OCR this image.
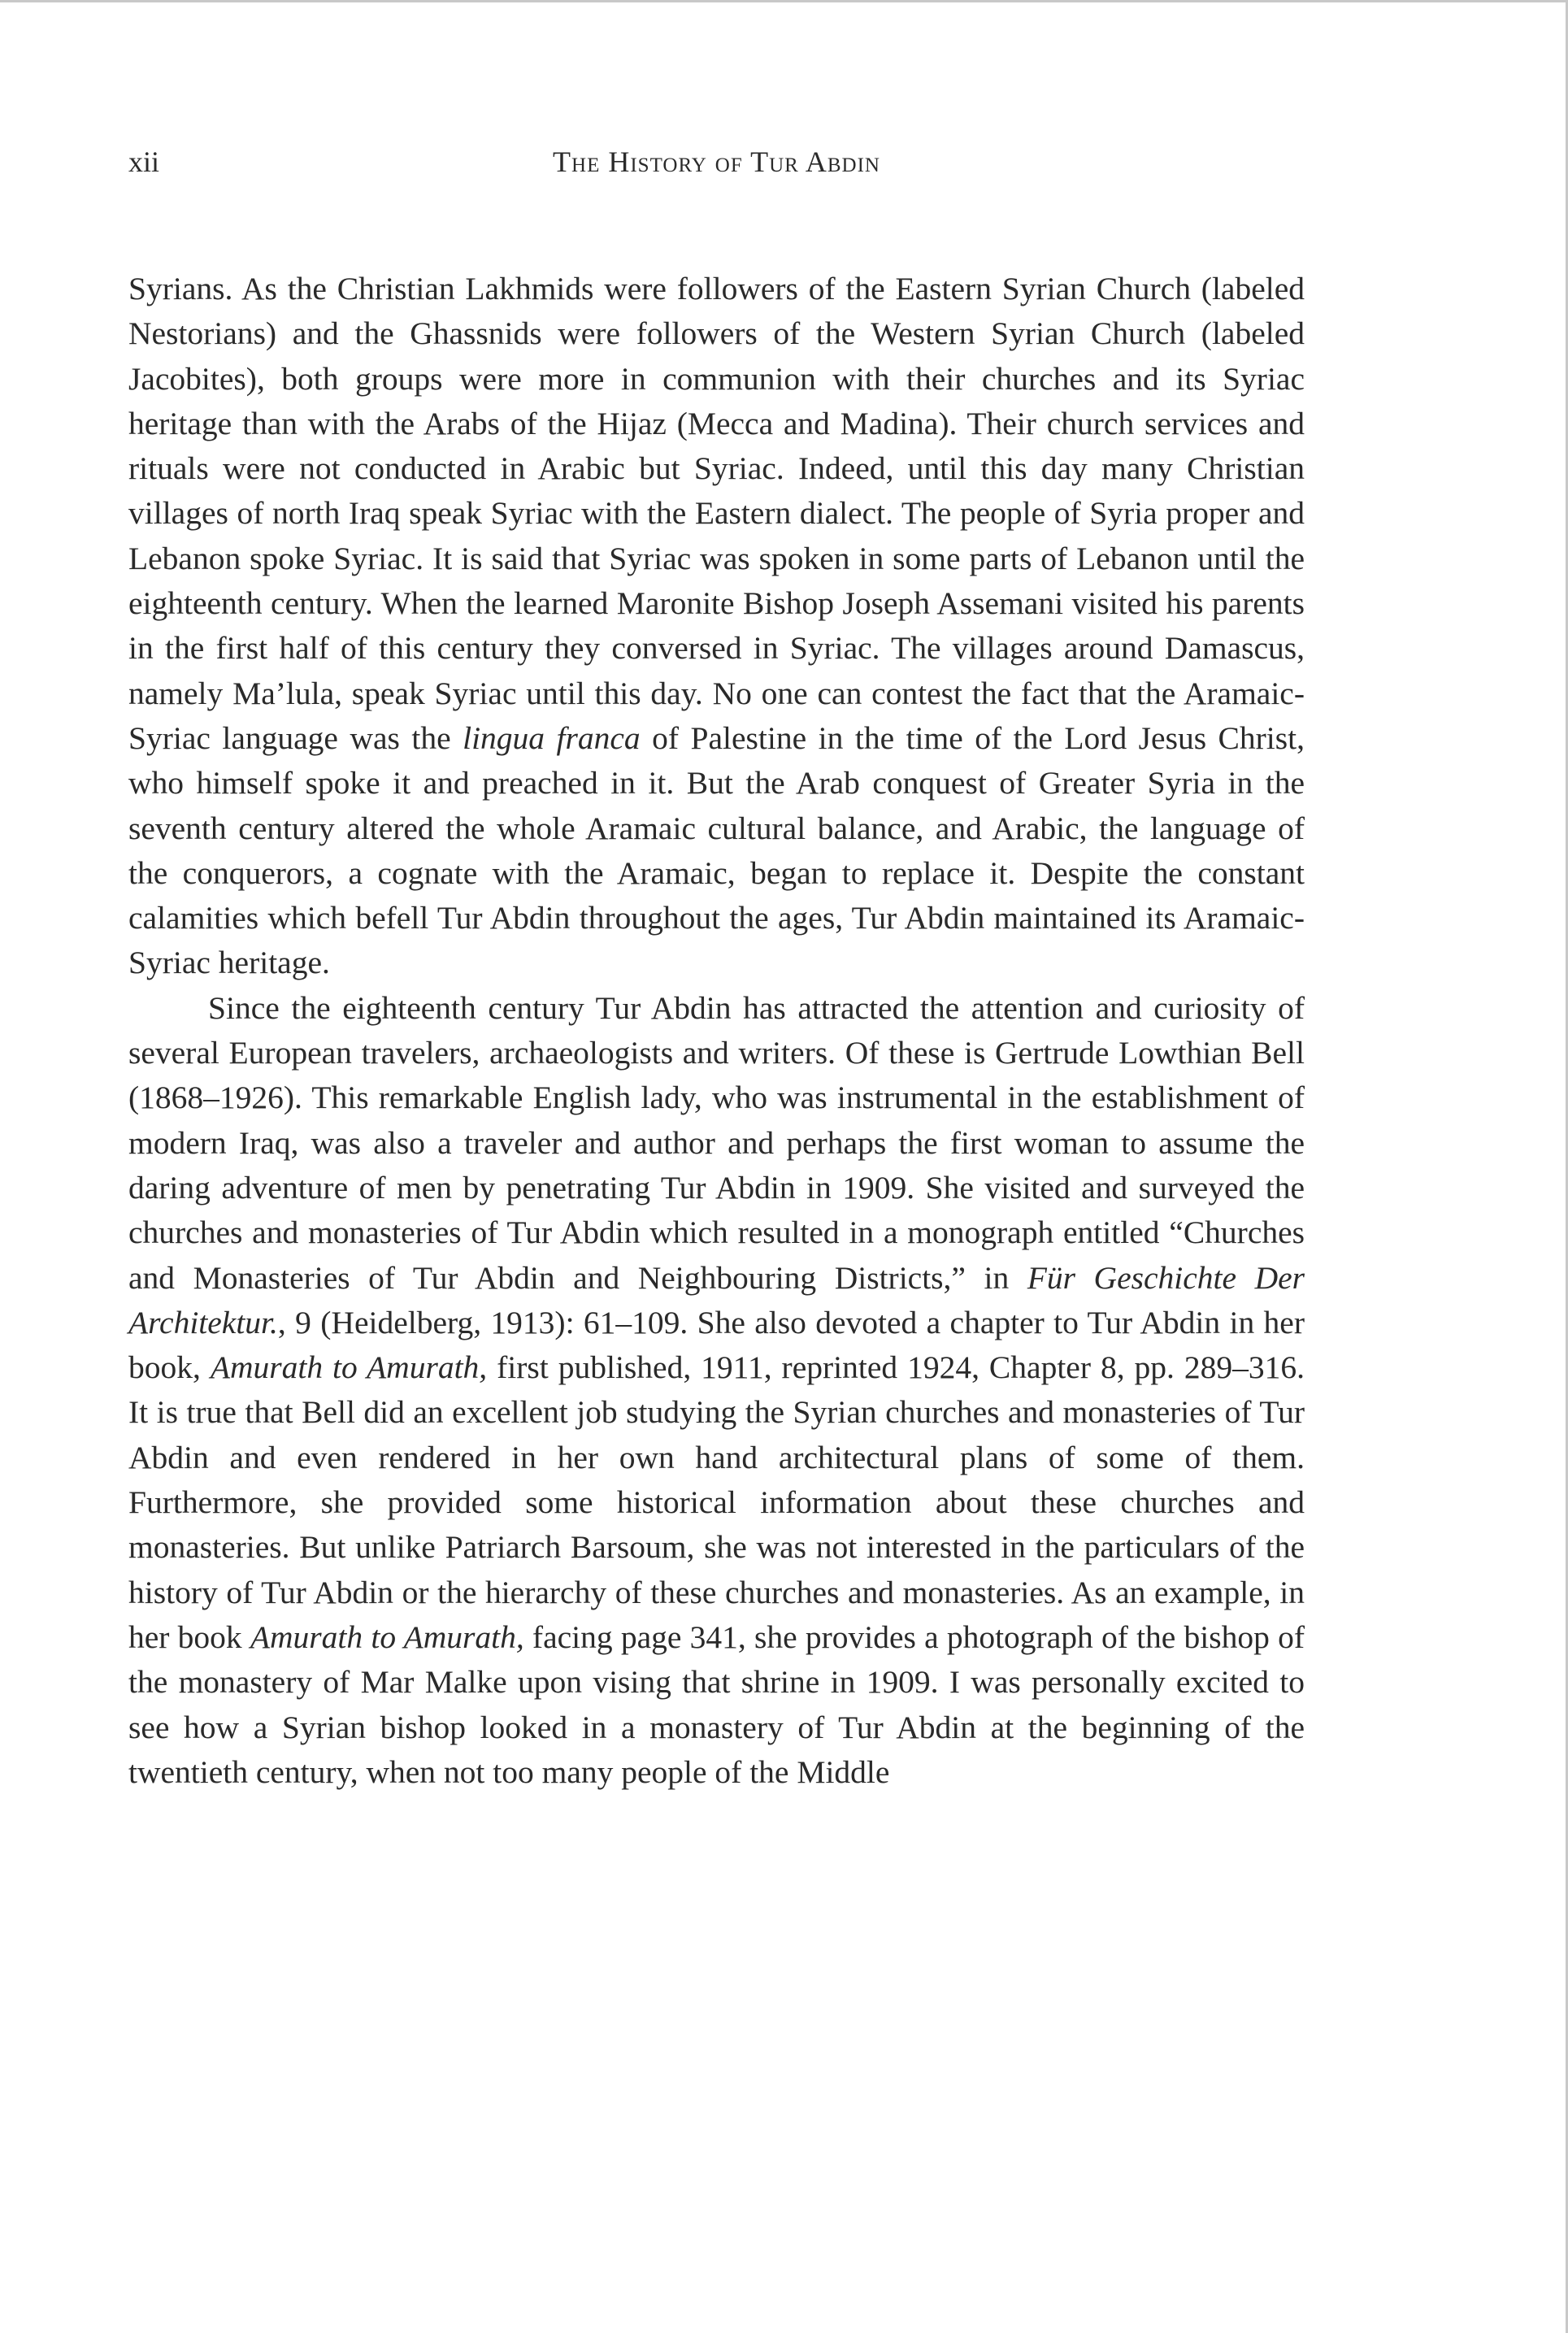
xii	The History of Tur Abdin

Syrians. As the Christian Lakhmids were followers of the Eastern Syrian Church (labeled Nestorians) and the Ghassnids were followers of the Western Syrian Church (labeled Jacobites), both groups were more in communion with their churches and its Syriac heritage than with the Arabs of the Hijaz (Mecca and Madina). Their church services and rituals were not conducted in Arabic but Syriac. Indeed, until this day many Christian villages of north Iraq speak Syriac with the Eastern dialect. The people of Syria proper and Lebanon spoke Syriac. It is said that Syriac was spoken in some parts of Lebanon until the eighteenth century. When the learned Maronite Bishop Joseph Assemani visited his parents in the first half of this century they conversed in Syriac. The villages around Damascus, namely Ma’lula, speak Syriac until this day. No one can contest the fact that the Aramaic-Syriac language was the lingua franca of Palestine in the time of the Lord Jesus Christ, who himself spoke it and preached in it. But the Arab conquest of Greater Syria in the seventh century altered the whole Aramaic cultural balance, and Arabic, the language of the conquerors, a cognate with the Aramaic, began to replace it. Despite the constant calamities which befell Tur Abdin throughout the ages, Tur Abdin maintained its Aramaic-Syriac heritage.

Since the eighteenth century Tur Abdin has attracted the attention and curiosity of several European travelers, archaeologists and writers. Of these is Gertrude Lowthian Bell (1868–1926). This remarkable English lady, who was instrumental in the establishment of modern Iraq, was also a traveler and author and perhaps the first woman to assume the daring adventure of men by penetrating Tur Abdin in 1909. She visited and surveyed the churches and monasteries of Tur Abdin which resulted in a monograph entitled “Churches and Monasteries of Tur Abdin and Neighbouring Districts,” in Für Geschichte Der Architektur., 9 (Heidelberg, 1913): 61–109. She also devoted a chapter to Tur Abdin in her book, Amurath to Amurath, first published, 1911, reprinted 1924, Chapter 8, pp. 289–316. It is true that Bell did an excellent job studying the Syrian churches and monasteries of Tur Abdin and even rendered in her own hand architectural plans of some of them. Furthermore, she provided some historical information about these churches and monasteries. But unlike Patriarch Barsoum, she was not interested in the particulars of the history of Tur Abdin or the hierarchy of these churches and monasteries. As an example, in her book Amurath to Amurath, facing page 341, she provides a photograph of the bishop of the monastery of Mar Malke upon vising that shrine in 1909. I was personally excited to see how a Syrian bishop looked in a monastery of Tur Abdin at the beginning of the twentieth century, when not too many people of the Middle
